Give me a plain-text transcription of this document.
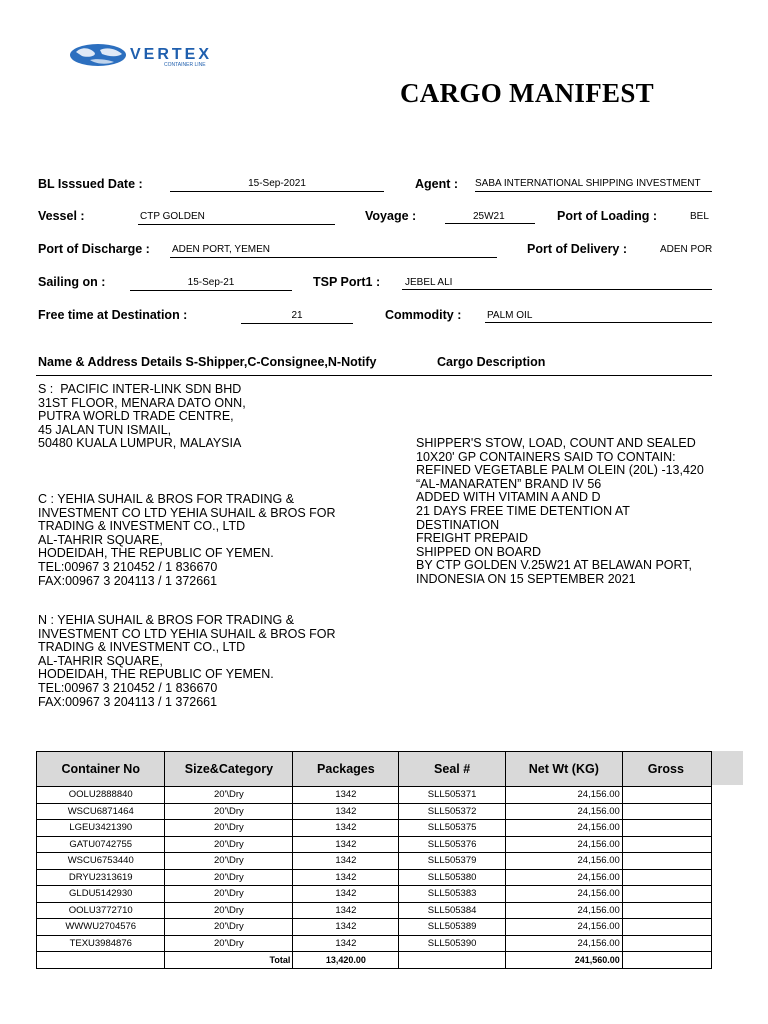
VERTEX
CONTAINER LINE
CARGO MANIFEST
BL Isssued Date :	15-Sep-2021	Agent : SABA INTERNATIONAL SHIPPING INVESTMENT
Vessel :	CTP GOLDEN	Voyage :	25W21	Port of Loading :	BEL
Port of Discharge : ADEN PORT, YEMEN	Port of Delivery :	ADEN POR
Sailing on :	15-Sep-21	TSP Port1 :	JEBEL ALI
Free time at Destination :	21	Commodity :	PALM OIL
Name & Address Details S-Shipper,C-Consignee,N-Notify	Cargo Description
S :  PACIFIC INTER-LINK SDN BHD
31ST FLOOR, MENARA DATO ONN,
PUTRA WORLD TRADE CENTRE,
45 JALAN TUN ISMAIL,
50480 KUALA LUMPUR, MALAYSIA
C : YEHIA SUHAIL & BROS FOR TRADING &
INVESTMENT CO LTD YEHIA SUHAIL & BROS FOR
TRADING & INVESTMENT CO., LTD
AL-TAHRIR SQUARE,
HODEIDAH, THE REPUBLIC OF YEMEN.
TEL:00967 3 210452 / 1 836670
FAX:00967 3 204113 / 1 372661
N : YEHIA SUHAIL & BROS FOR TRADING &
INVESTMENT CO LTD YEHIA SUHAIL & BROS FOR
TRADING & INVESTMENT CO., LTD
AL-TAHRIR SQUARE,
HODEIDAH, THE REPUBLIC OF YEMEN.
TEL:00967 3 210452 / 1 836670
FAX:00967 3 204113 / 1 372661
SHIPPER'S STOW, LOAD, COUNT AND SEALED
10X20' GP CONTAINERS SAID TO CONTAIN:
REFINED VEGETABLE PALM OLEIN (20L) -13,420
“AL-MANARATEN” BRAND IV 56
ADDED WITH VITAMIN A AND D
21 DAYS FREE TIME DETENTION AT
DESTINATION
FREIGHT PREPAID
SHIPPED ON BOARD
BY CTP GOLDEN V.25W21 AT BELAWAN PORT,
INDONESIA ON 15 SEPTEMBER 2021
Container No	Size&Category	Packages	Seal #	Net Wt (KG)	Gross
OOLU2888840	20'\Dry	1342	SLL505371	24,156.00	
WSCU6871464	20'\Dry	1342	SLL505372	24,156.00	
LGEU3421390	20'\Dry	1342	SLL505375	24,156.00	
GATU0742755	20'\Dry	1342	SLL505376	24,156.00	
WSCU6753440	20'\Dry	1342	SLL505379	24,156.00	
DRYU2313619	20'\Dry	1342	SLL505380	24,156.00	
GLDU5142930	20'\Dry	1342	SLL505383	24,156.00	
OOLU3772710	20'\Dry	1342	SLL505384	24,156.00	
WWWU2704576	20'\Dry	1342	SLL505389	24,156.00	
TEXU3984876	20'\Dry	1342	SLL505390	24,156.00	
	Total	13,420.00		241,560.00	
